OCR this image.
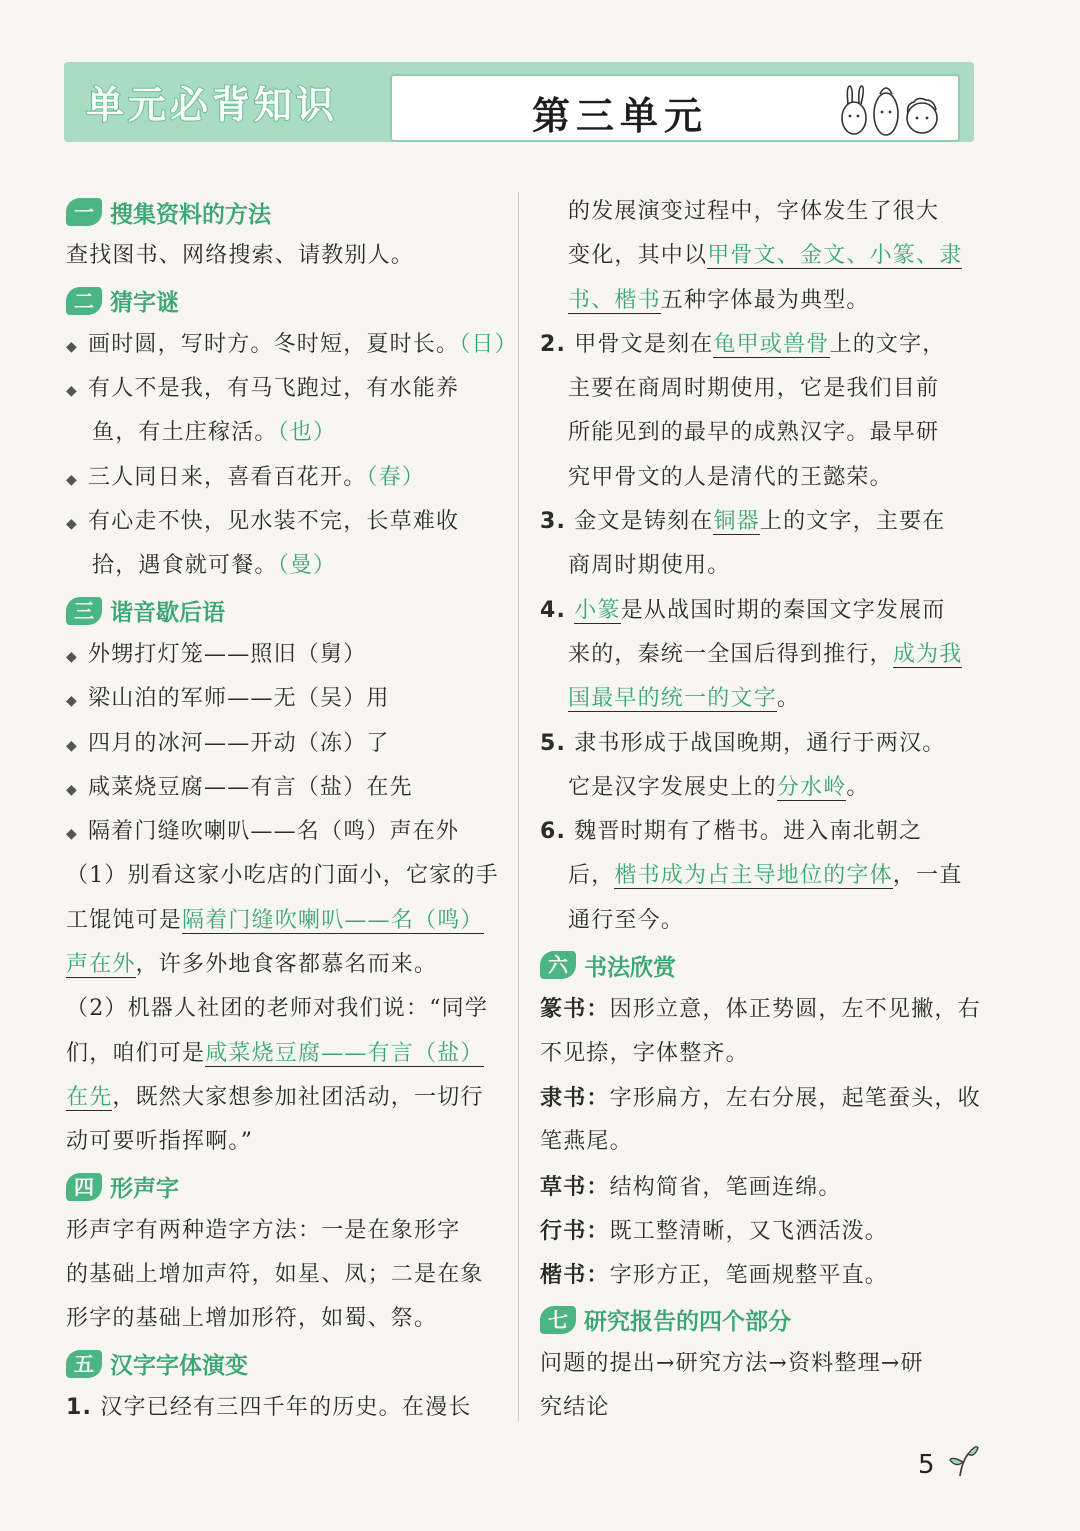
单元必背知识	第三单元
一 搜集资料的方法
查找图书、网络搜索、请教别人。
二 猜字谜
◆ 画时圆，写时方。冬时短，夏时长。（日）
◆ 有人不是我，有马飞跑过，有水能养
鱼，有土庄稼活。（也）
◆ 三人同日来，喜看百花开。（春）
◆ 有心走不快，见水装不完，长草难收
拾，遇食就可餐。（曼）
三 谐音歇后语
◆ 外甥打灯笼——照旧（舅）
◆ 梁山泊的军师——无（吴）用
◆ 四月的冰河——开动（冻）了
◆ 咸菜烧豆腐——有言（盐）在先
◆ 隔着门缝吹喇叭——名（鸣）声在外
（1）别看这家小吃店的门面小，它家的手
工馄饨可是隔着门缝吹喇叭——名（鸣）
声在外，许多外地食客都慕名而来。
（2）机器人社团的老师对我们说：“同学
们，咱们可是咸菜烧豆腐——有言（盐）
在先，既然大家想参加社团活动，一切行
动可要听指挥啊。”
四 形声字
形声字有两种造字方法：一是在象形字
的基础上增加声符，如星、凤；二是在象
形字的基础上增加形符，如蜀、祭。
五 汉字字体演变
1. 汉字已经有三四千年的历史。在漫长
的发展演变过程中，字体发生了很大
变化，其中以甲骨文、金文、小篆、隶
书、楷书五种字体最为典型。
2. 甲骨文是刻在龟甲或兽骨上的文字，
主要在商周时期使用，它是我们目前
所能见到的最早的成熟汉字。最早研
究甲骨文的人是清代的王懿荣。
3. 金文是铸刻在铜器上的文字，主要在
商周时期使用。
4. 小篆是从战国时期的秦国文字发展而
来的，秦统一全国后得到推行，成为我
国最早的统一的文字。
5. 隶书形成于战国晚期，通行于两汉。
它是汉字发展史上的分水岭。
6. 魏晋时期有了楷书。进入南北朝之
后，楷书成为占主导地位的字体，一直
通行至今。
六 书法欣赏
篆书：因形立意，体正势圆，左不见撇，右
不见捺，字体整齐。
隶书：字形扁方，左右分展，起笔蚕头，收
笔燕尾。
草书：结构简省，笔画连绵。
行书：既工整清晰，又飞洒活泼。
楷书：字形方正，笔画规整平直。
七 研究报告的四个部分
问题的提出→研究方法→资料整理→研
究结论
5
